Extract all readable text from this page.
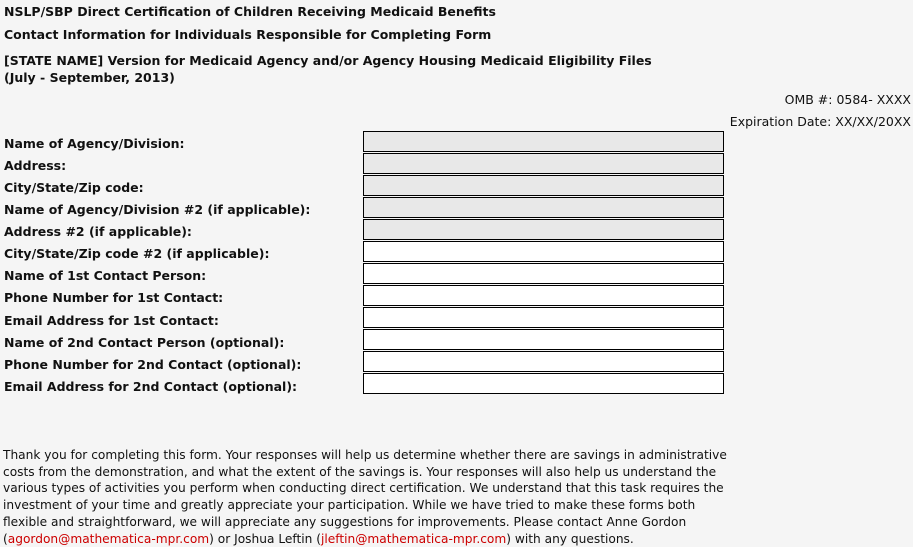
NSLP/SBP Direct Certification of Children Receiving Medicaid Benefits
Contact Information for Individuals Responsible for Completing Form
[STATE NAME] Version for Medicaid Agency and/or Agency Housing Medicaid Eligibility Files (July - September, 2013)
OMB #: 0584- XXXX
Expiration Date: XX/XX/20XX
Name of Agency/Division:
Address:
City/State/Zip code:
Name of Agency/Division #2 (if applicable):
Address #2 (if applicable):
City/State/Zip code #2 (if applicable):
Name of 1st Contact Person:
Phone Number for 1st Contact:
Email Address for 1st Contact:
Name of 2nd Contact Person (optional):
Phone Number for 2nd Contact (optional):
Email Address for 2nd Contact (optional):
Thank you for completing this form. Your responses will help us determine whether there are savings in administrative
costs from the demonstration, and what the extent of the savings is. Your responses will also help us understand the
various types of activities you perform when conducting direct certification. We understand that this task requires the
investment of your time and greatly appreciate your participation. While we have tried to make these forms both
flexible and straightforward, we will appreciate any suggestions for improvements. Please contact Anne Gordon
(agordon@mathematica-mpr.com) or Joshua Leftin (jleftin@mathematica-mpr.com) with any questions.
